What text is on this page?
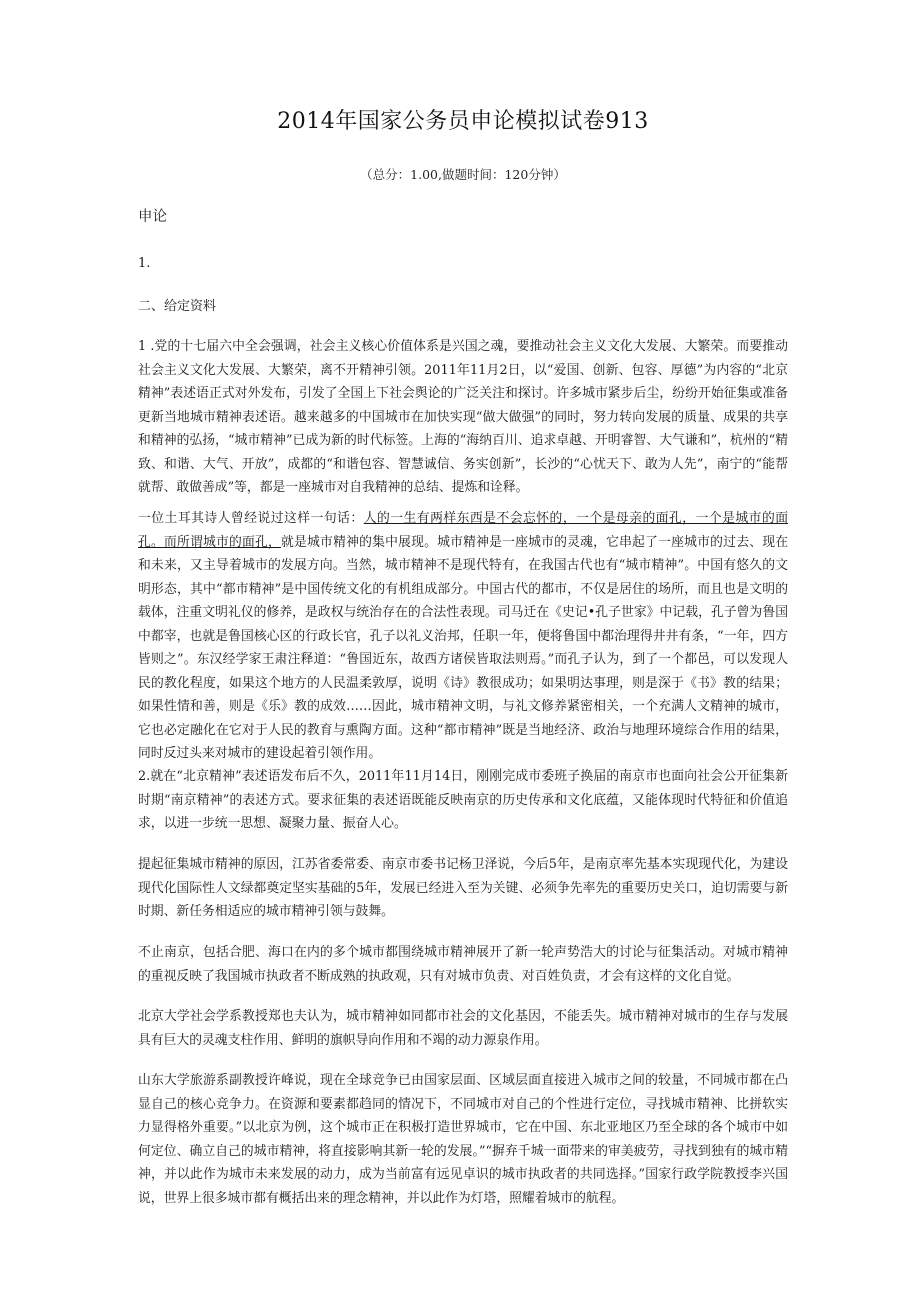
2014年国家公务员申论模拟试卷913
（总分：1.00,做题时间：120分钟）
申论
1.
二、给定资料

1 .党的十七届六中全会强调，社会主义核心价值体系是兴国之魂，要推动社会主义文化大发展、大繁荣。而要推动社会主义文化大发展、大繁荣，离不开精神引领。2011年11月2日，以“爱国、创新、包容、厚德”为内容的“北京精神”表述语正式对外发布，引发了全国上下社会舆论的广泛关注和探讨。许多城市紧步后尘，纷纷开始征集或准备更新当地城市精神表述语。越来越多的中国城市在加快实现“做大做强”的同时，努力转向发展的质量、成果的共享和精神的弘扬，“城市精神”已成为新的时代标签。上海的“海纳百川、追求卓越、开明睿智、大气谦和”，杭州的“精致、和谐、大气、开放”，成都的“和谐包容、智慧诚信、务实创新”，长沙的“心忧天下、敢为人先”，南宁的“能帮就帮、敢做善成”等，都是一座城市对自我精神的总结、提炼和诠释。

一位土耳其诗人曾经说过这样一句话：人的一生有两样东西是不会忘怀的，一个是母亲的面孔，一个是城市的面孔。而所谓城市的面孔，就是城市精神的集中展现。城市精神是一座城市的灵魂，它串起了一座城市的过去、现在和未来，又主导着城市的发展方向。当然，城市精神不是现代特有，在我国古代也有“城市精神”。中国有悠久的文明形态，其中“都市精神”是中国传统文化的有机组成部分。中国古代的都市，不仅是居住的场所，而且也是文明的载体，注重文明礼仪的修养，是政权与统治存在的合法性表现。司马迁在《史记•孔子世家》中记载，孔子曾为鲁国中都宰，也就是鲁国核心区的行政长官，孔子以礼义治邦，任职一年，便将鲁国中都治理得井井有条，“一年，四方皆则之”。东汉经学家王肃注释道：“鲁国近东，故西方诸侯皆取法则焉。”而孔子认为，到了一个都邑，可以发现人民的教化程度，如果这个地方的人民温柔敦厚，说明《诗》教很成功；如果明达事理，则是深于《书》教的结果；如果性情和善，则是《乐》教的成效……因此，城市精神文明，与礼文修养紧密相关，一个充满人文精神的城市，它也必定融化在它对于人民的教育与熏陶方面。这种“都市精神”既是当地经济、政治与地理环境综合作用的结果，同时反过头来对城市的建设起着引领作用。

2.就在“北京精神”表述语发布后不久，2011年11月14日，刚刚完成市委班子换届的南京市也面向社会公开征集新时期“南京精神”的表述方式。要求征集的表述语既能反映南京的历史传承和文化底蕴，又能体现时代特征和价值追求，以进一步统一思想、凝聚力量、振奋人心。

提起征集城市精神的原因，江苏省委常委、南京市委书记杨卫泽说，今后5年，是南京率先基本实现现代化，为建设现代化国际性人文绿都奠定坚实基础的5年，发展已经进入至为关键、必须争先率先的重要历史关口，迫切需要与新时期、新任务相适应的城市精神引领与鼓舞。

不止南京，包括合肥、海口在内的多个城市都围绕城市精神展开了新一轮声势浩大的讨论与征集活动。对城市精神的重视反映了我国城市执政者不断成熟的执政观，只有对城市负责、对百姓负责，才会有这样的文化自觉。

北京大学社会学系教授郑也夫认为，城市精神如同都市社会的文化基因，不能丢失。城市精神对城市的生存与发展具有巨大的灵魂支柱作用、鲜明的旗帜导向作用和不竭的动力源泉作用。

山东大学旅游系副教授许峰说，现在全球竞争已由国家层面、区域层面直接进入城市之间的较量，不同城市都在凸显自己的核心竞争力。在资源和要素都趋同的情况下，不同城市对自己的个性进行定位，寻找城市精神、比拼软实力显得格外重要。”以北京为例，这个城市正在积极打造世界城市，它在中国、东北亚地区乃至全球的各个城市中如何定位、确立自己的城市精神，将直接影响其新一轮的发展。”“摒弃千城一面带来的审美疲劳，寻找到独有的城市精神，并以此作为城市未来发展的动力，成为当前富有远见卓识的城市执政者的共同选择。”国家行政学院教授李兴国说，世界上很多城市都有概括出来的理念精神，并以此作为灯塔，照耀着城市的航程。
